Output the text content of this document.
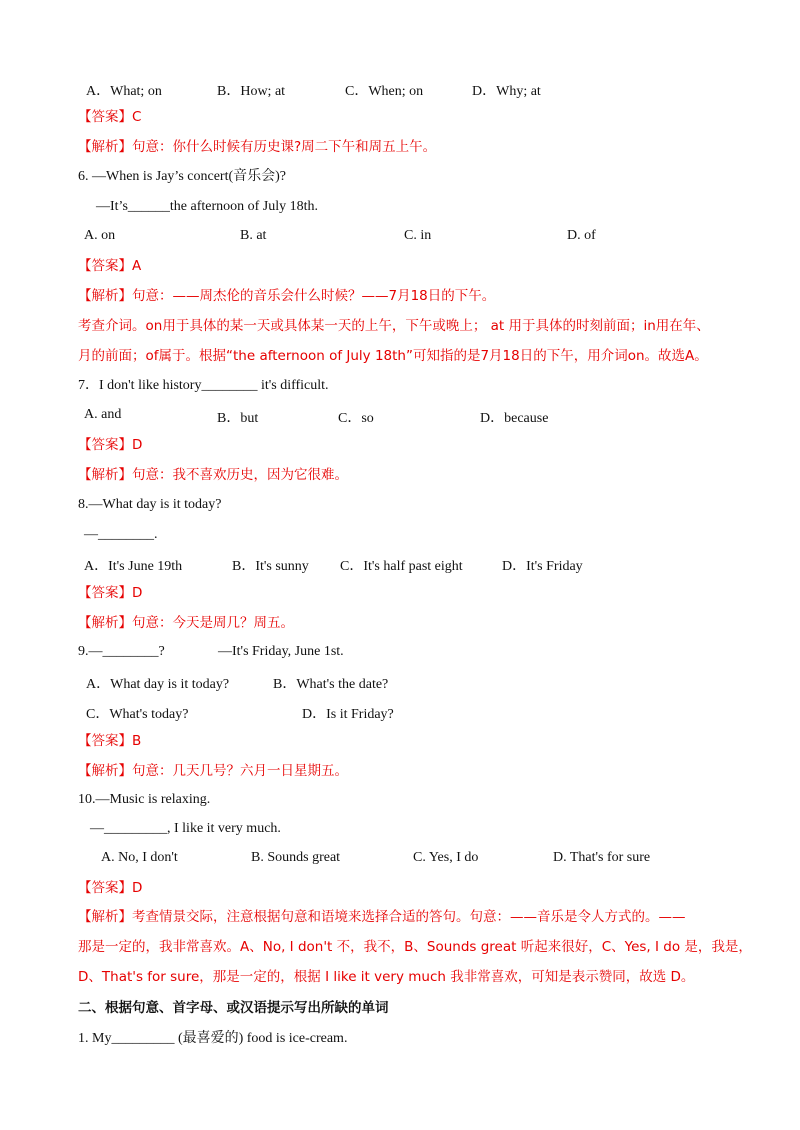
A．What; on	B．How; at	C．When; on	D．Why; at
【答案】C
【解析】句意：你什么时候有历史课?周二下午和周五上午。
6. —When is Jay’s concert(音乐会)?
—It’s______the afternoon of July 18th.
A. on	B. at	C. in	D. of
【答案】A
【解析】句意：——周杰伦的音乐会什么时候？——7月18日的下午。
考查介词。on用于具体的某一天或具体某一天的上午，下午或晚上； at 用于具体的时刻前面；in用在年、
月的前面；of属于。根据“the afternoon of July 18th”可知指的是7月18日的下午，用介词on。故选A。
7．I don't like history________ it's difficult.
A. and	B．but	C．so	D．because
【答案】D
【解析】句意：我不喜欢历史，因为它很难。
8.—What day is it today?
—________.
A．It's June 19th	B．It's sunny C．It's half past eight	D．It's Friday
【答案】D
【解析】句意：今天是周几？周五。
9.—________?	—It's Friday, June 1st.
A．What day is it today?	B．What's the date?
C．What's today?	D．Is it Friday?
【答案】B
【解析】句意：几天几号？六月一日星期五。
10.—Music is relaxing.
—_________, I like it very much.
A. No, I don't	B. Sounds great	C. Yes, I do	D. That's for sure
【答案】D
【解析】考查情景交际，注意根据句意和语境来选择合适的答句。句意：——音乐是令人方式的。——
那是一定的，我非常喜欢。A、No, I don't 不，我不，B、Sounds great 听起来很好，C、Yes, I do 是，我是，
D、That's for sure，那是一定的，根据 I like it very much 我非常喜欢，可知是表示赞同，故选 D。
二、根据句意、首字母、或汉语提示写出所缺的单词
1. My_________ (最喜爱的) food is ice-cream.
